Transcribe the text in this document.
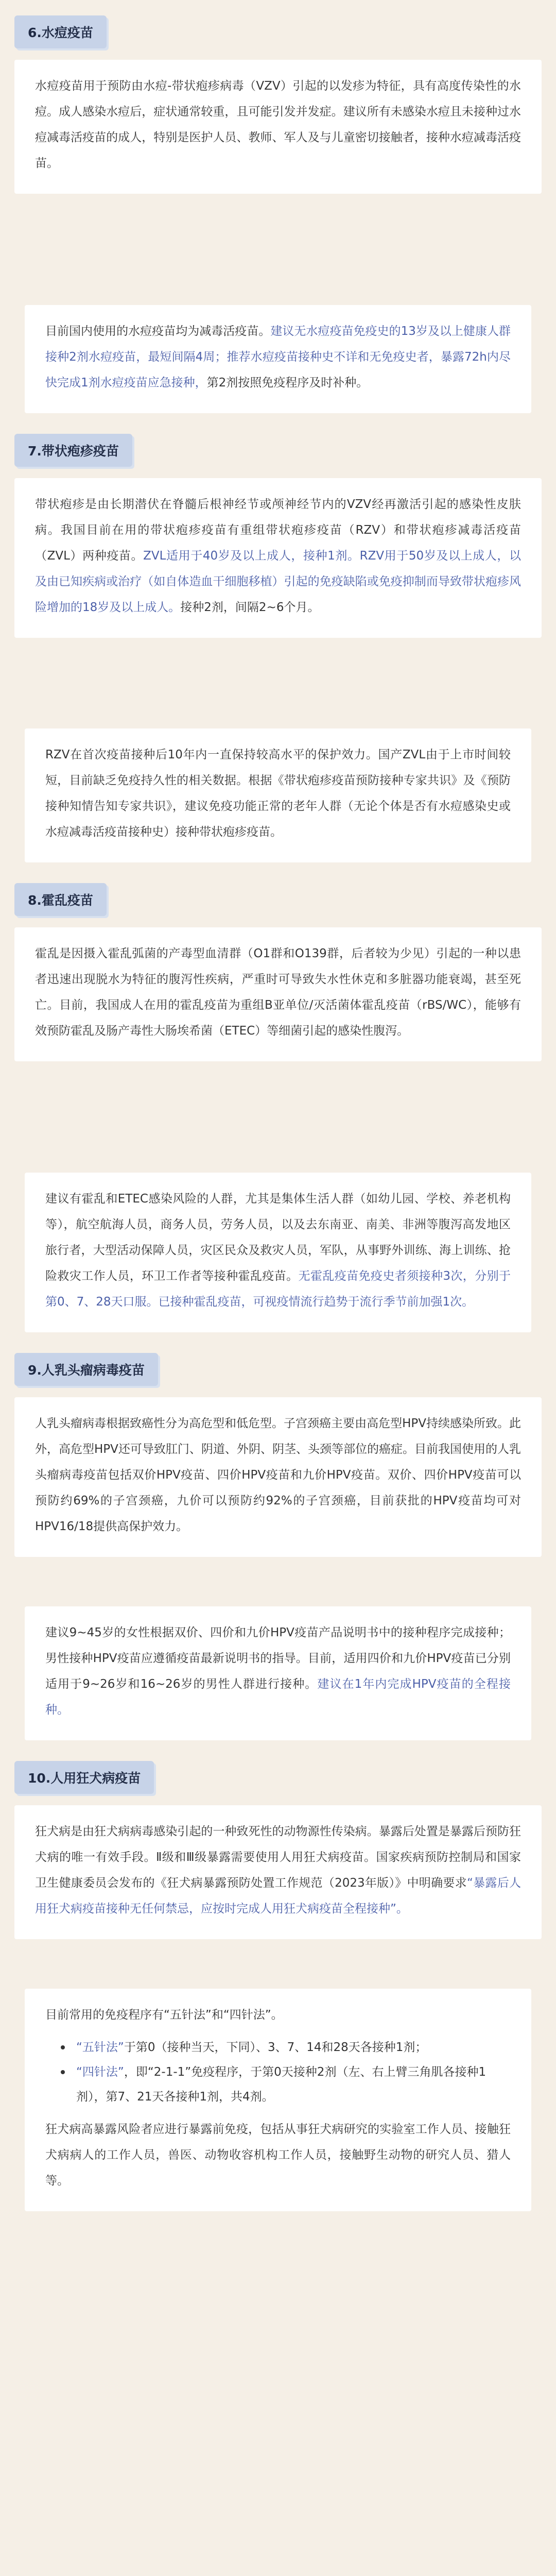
6.水痘疫苗

水痘疫苗用于预防由水痘-带状疱疹病毒（VZV）引起的以发疹为特征，具有高度传染性的水痘。成人感染水痘后，症状通常较重，且可能引发并发症。建议所有未感染水痘且未接种过水痘减毒活疫苗的成人，特别是医护人员、教师、军人及与儿童密切接触者，接种水痘减毒活疫苗。

目前国内使用的水痘疫苗均为减毒活疫苗。建议无水痘疫苗免疫史的13岁及以上健康人群接种2剂水痘疫苗，最短间隔4周；推荐水痘疫苗接种史不详和无免疫史者，暴露72h内尽快完成1剂水痘疫苗应急接种，第2剂按照免疫程序及时补种。

7.带状疱疹疫苗

带状疱疹是由长期潜伏在脊髓后根神经节或颅神经节内的VZV经再激活引起的感染性皮肤病。我国目前在用的带状疱疹疫苗有重组带状疱疹疫苗（RZV）和带状疱疹减毒活疫苗（ZVL）两种疫苗。ZVL适用于40岁及以上成人，接种1剂。RZV用于50岁及以上成人，以及由已知疾病或治疗（如自体造血干细胞移植）引起的免疫缺陷或免疫抑制而导致带状疱疹风险增加的18岁及以上成人。接种2剂，间隔2~6个月。

RZV在首次疫苗接种后10年内一直保持较高水平的保护效力。国产ZVL由于上市时间较短，目前缺乏免疫持久性的相关数据。根据《带状疱疹疫苗预防接种专家共识》及《预防接种知情告知专家共识》，建议免疫功能正常的老年人群（无论个体是否有水痘感染史或水痘减毒活疫苗接种史）接种带状疱疹疫苗。

8.霍乱疫苗

霍乱是因摄入霍乱弧菌的产毒型血清群（O1群和O139群，后者较为少见）引起的一种以患者迅速出现脱水为特征的腹泻性疾病，严重时可导致失水性休克和多脏器功能衰竭，甚至死亡。目前，我国成人在用的霍乱疫苗为重组B亚单位/灭活菌体霍乱疫苗（rBS/WC），能够有效预防霍乱及肠产毒性大肠埃希菌（ETEC）等细菌引起的感染性腹泻。

建议有霍乱和ETEC感染风险的人群，尤其是集体生活人群（如幼儿园、学校、养老机构等），航空航海人员，商务人员，劳务人员，以及去东南亚、南美、非洲等腹泻高发地区旅行者，大型活动保障人员，灾区民众及救灾人员，军队，从事野外训练、海上训练、抢险救灾工作人员，环卫工作者等接种霍乱疫苗。无霍乱疫苗免疫史者须接种3次，分别于第0、7、28天口服。已接种霍乱疫苗，可视疫情流行趋势于流行季节前加强1次。

9.人乳头瘤病毒疫苗

人乳头瘤病毒根据致癌性分为高危型和低危型。子宫颈癌主要由高危型HPV持续感染所致。此外，高危型HPV还可导致肛门、阴道、外阴、阴茎、头颈等部位的癌症。目前我国使用的人乳头瘤病毒疫苗包括双价HPV疫苗、四价HPV疫苗和九价HPV疫苗。双价、四价HPV疫苗可以预防约69%的子宫颈癌，九价可以预防约92%的子宫颈癌，目前获批的HPV疫苗均可对HPV16/18提供高保护效力。

建议9~45岁的女性根据双价、四价和九价HPV疫苗产品说明书中的接种程序完成接种；男性接种HPV疫苗应遵循疫苗最新说明书的指导。目前，适用四价和九价HPV疫苗已分别适用于9~26岁和16~26岁的男性人群进行接种。建议在1年内完成HPV疫苗的全程接种。

10.人用狂犬病疫苗

狂犬病是由狂犬病病毒感染引起的一种致死性的动物源性传染病。暴露后处置是暴露后预防狂犬病的唯一有效手段。Ⅱ级和Ⅲ级暴露需要使用人用狂犬病疫苗。国家疾病预防控制局和国家卫生健康委员会发布的《狂犬病暴露预防处置工作规范（2023年版）》中明确要求“暴露后人用狂犬病疫苗接种无任何禁忌，应按时完成人用狂犬病疫苗全程接种”。

目前常用的免疫程序有“五针法”和“四针法”。

“五针法”于第0（接种当天，下同）、3、7、14和28天各接种1剂；
“四针法”，即“2-1-1”免疫程序，于第0天接种2剂（左、右上臂三角肌各接种1剂），第7、21天各接种1剂，共4剂。

狂犬病高暴露风险者应进行暴露前免疫，包括从事狂犬病研究的实验室工作人员、接触狂犬病病人的工作人员，兽医、动物收容机构工作人员，接触野生动物的研究人员、猎人等。
